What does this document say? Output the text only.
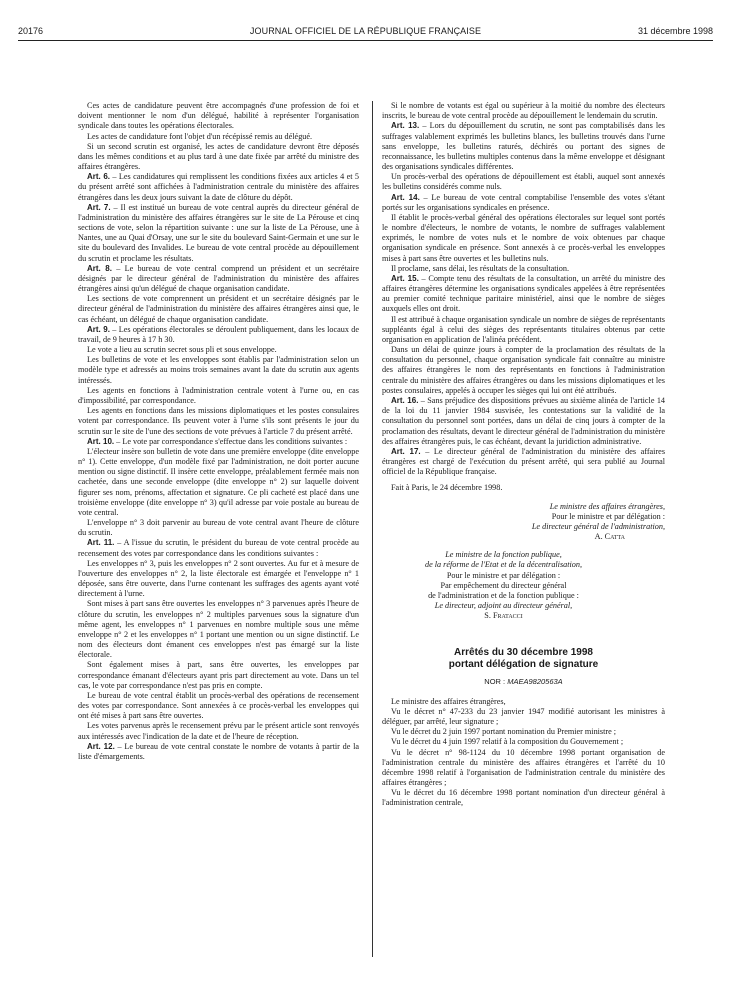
20176	JOURNAL OFFICIEL DE LA RÉPUBLIQUE FRANÇAISE	31 décembre 1998

Ces actes de candidature peuvent être accompagnés d'une profession de foi et doivent mentionner le nom d'un délégué, habilité à représenter l'organisation syndicale dans toutes les opérations électorales.

Les actes de candidature font l'objet d'un récépissé remis au délégué.

Si un second scrutin est organisé, les actes de candidature devront être déposés dans les mêmes conditions et au plus tard à une date fixée par arrêté du ministre des affaires étrangères.

Art. 6. – Les candidatures qui remplissent les conditions fixées aux articles 4 et 5 du présent arrêté sont affichées à l'administration centrale du ministère des affaires étrangères dans les deux jours suivant la date de clôture du dépôt.

Art. 7. – Il est institué un bureau de vote central auprès du directeur général de l'administration du ministère des affaires étrangères sur le site de La Pérouse et cinq sections de vote, selon la répartition suivante : une sur la liste de La Pérouse, une à Nantes, une au Quai d'Orsay, une sur le site du boulevard Saint-Germain et une sur le site du boulevard des Invalides. Le bureau de vote central procède au dépouillement du scrutin et proclame les résultats.

Art. 8. – Le bureau de vote central comprend un président et un secrétaire désignés par le directeur général de l'administration du ministère des affaires étrangères ainsi qu'un délégué de chaque organisation candidate.

Les sections de vote comprennent un président et un secrétaire désignés par le directeur général de l'administration du ministère des affaires étrangères ainsi que, le cas échéant, un délégué de chaque organisation candidate.

Art. 9. – Les opérations électorales se déroulent publiquement, dans les locaux de travail, de 9 heures à 17 h 30.

Le vote a lieu au scrutin secret sous pli et sous enveloppe.

Les bulletins de vote et les enveloppes sont établis par l'administration selon un modèle type et adressés au moins trois semaines avant la date du scrutin aux agents intéressés.

Les agents en fonctions à l'administration centrale votent à l'urne ou, en cas d'impossibilité, par correspondance.

Les agents en fonctions dans les missions diplomatiques et les postes consulaires votent par correspondance. Ils peuvent voter à l'urne s'ils sont présents le jour du scrutin sur le site de l'une des sections de vote prévues à l'article 7 du présent arrêté.

Art. 10. – Le vote par correspondance s'effectue dans les conditions suivantes :

L'électeur insère son bulletin de vote dans une première enveloppe (dite enveloppe n° 1). Cette enveloppe, d'un modèle fixé par l'administration, ne doit porter aucune mention ou signe distinctif. Il insère cette enveloppe, préalablement fermée mais non cachetée, dans une seconde enveloppe (dite enveloppe n° 2) sur laquelle doivent figurer ses nom, prénoms, affectation et signature. Ce pli cacheté est placé dans une troisième enveloppe (dite enveloppe n° 3) qu'il adresse par voie postale au bureau de vote central.

L'enveloppe n° 3 doit parvenir au bureau de vote central avant l'heure de clôture du scrutin.

Art. 11. – A l'issue du scrutin, le président du bureau de vote central procède au recensement des votes par correspondance dans les conditions suivantes :

Les enveloppes n° 3, puis les enveloppes n° 2 sont ouvertes. Au fur et à mesure de l'ouverture des enveloppes n° 2, la liste électorale est émargée et l'enveloppe n° 1 déposée, sans être ouverte, dans l'urne contenant les suffrages des agents ayant voté directement à l'urne.

Sont mises à part sans être ouvertes les enveloppes n° 3 parvenues après l'heure de clôture du scrutin, les enveloppes n° 2 multiples parvenues sous la signature d'un même agent, les enveloppes n° 1 parvenues en nombre multiple sous une même enveloppe n° 2 et les enveloppes n° 1 portant une mention ou un signe distinctif. Le nom des électeurs dont émanent ces enveloppes n'est pas émargé sur la liste électorale.

Sont également mises à part, sans être ouvertes, les enveloppes par correspondance émanant d'électeurs ayant pris part directement au vote. Dans un tel cas, le vote par correspondance n'est pas pris en compte.

Le bureau de vote central établit un procès-verbal des opérations de recensement des votes par correspondance. Sont annexées à ce procès-verbal les enveloppes qui ont été mises à part sans être ouvertes.

Les votes parvenus après le recensement prévu par le présent article sont renvoyés aux intéressés avec l'indication de la date et de l'heure de réception.

Art. 12. – Le bureau de vote central constate le nombre de votants à partir de la liste d'émargements.

Si le nombre de votants est égal ou supérieur à la moitié du nombre des électeurs inscrits, le bureau de vote central procède au dépouillement le lendemain du scrutin.

Art. 13. – Lors du dépouillement du scrutin, ne sont pas comptabilisés dans les suffrages valablement exprimés les bulletins blancs, les bulletins trouvés dans l'urne sans enveloppe, les bulletins raturés, déchirés ou portant des signes de reconnaissance, les bulletins multiples contenus dans la même enveloppe et désignant des organisations syndicales différentes.

Un procès-verbal des opérations de dépouillement est établi, auquel sont annexés les bulletins considérés comme nuls.

Art. 14. – Le bureau de vote central comptabilise l'ensemble des votes s'étant portés sur les organisations syndicales en présence.

Il établit le procès-verbal général des opérations électorales sur lequel sont portés le nombre d'électeurs, le nombre de votants, le nombre de suffrages valablement exprimés, le nombre de votes nuls et le nombre de voix obtenues par chaque organisation syndicale en présence. Sont annexés à ce procès-verbal les enveloppes mises à part sans être ouvertes et les bulletins nuls.

Il proclame, sans délai, les résultats de la consultation.

Art. 15. – Compte tenu des résultats de la consultation, un arrêté du ministre des affaires étrangères détermine les organisations syndicales appelées à être représentées au premier comité technique paritaire ministériel, ainsi que le nombre de sièges auxquels elles ont droit.

Il est attribué à chaque organisation syndicale un nombre de sièges de représentants suppléants égal à celui des sièges des représentants titulaires obtenus par cette organisation en application de l'alinéa précédent.

Dans un délai de quinze jours à compter de la proclamation des résultats de la consultation du personnel, chaque organisation syndicale fait connaître au ministre des affaires étrangères le nom des représentants en fonctions à l'administration centrale du ministère des affaires étrangères ou dans les missions diplomatiques et les postes consulaires, appelés à occuper les sièges qui lui ont été attribués.

Art. 16. – Sans préjudice des dispositions prévues au sixième alinéa de l'article 14 de la loi du 11 janvier 1984 susvisée, les contestations sur la validité de la consultation du personnel sont portées, dans un délai de cinq jours à compter de la proclamation des résultats, devant le directeur général de l'administration du ministère des affaires étrangères puis, le cas échéant, devant la juridiction administrative.

Art. 17. – Le directeur général de l'administration du ministère des affaires étrangères est chargé de l'exécution du présent arrêté, qui sera publié au Journal officiel de la République française.

Fait à Paris, le 24 décembre 1998.

Le ministre des affaires étrangères,
Pour le ministre et par délégation :
Le directeur général de l'administration,
A. Catta
Le ministre de la fonction publique,
de la réforme de l'Etat et de la décentralisation,
Pour le ministre et par délégation :
Par empêchement du directeur général
de l'administration et de la fonction publique :
Le directeur, adjoint au directeur général,
S. Fratacci
Arrêtés du 30 décembre 1998
portant délégation de signature
NOR : MAEA9820563A

Le ministre des affaires étrangères,

Vu le décret n° 47-233 du 23 janvier 1947 modifié autorisant les ministres à déléguer, par arrêté, leur signature ;

Vu le décret du 2 juin 1997 portant nomination du Premier ministre ;

Vu le décret du 4 juin 1997 relatif à la composition du Gouvernement ;

Vu le décret n° 98-1124 du 10 décembre 1998 portant organisation de l'administration centrale du ministère des affaires étrangères et l'arrêté du 10 décembre 1998 relatif à l'organisation de l'administration centrale du ministère des affaires étrangères ;

Vu le décret du 16 décembre 1998 portant nomination d'un directeur général à l'administration centrale,
